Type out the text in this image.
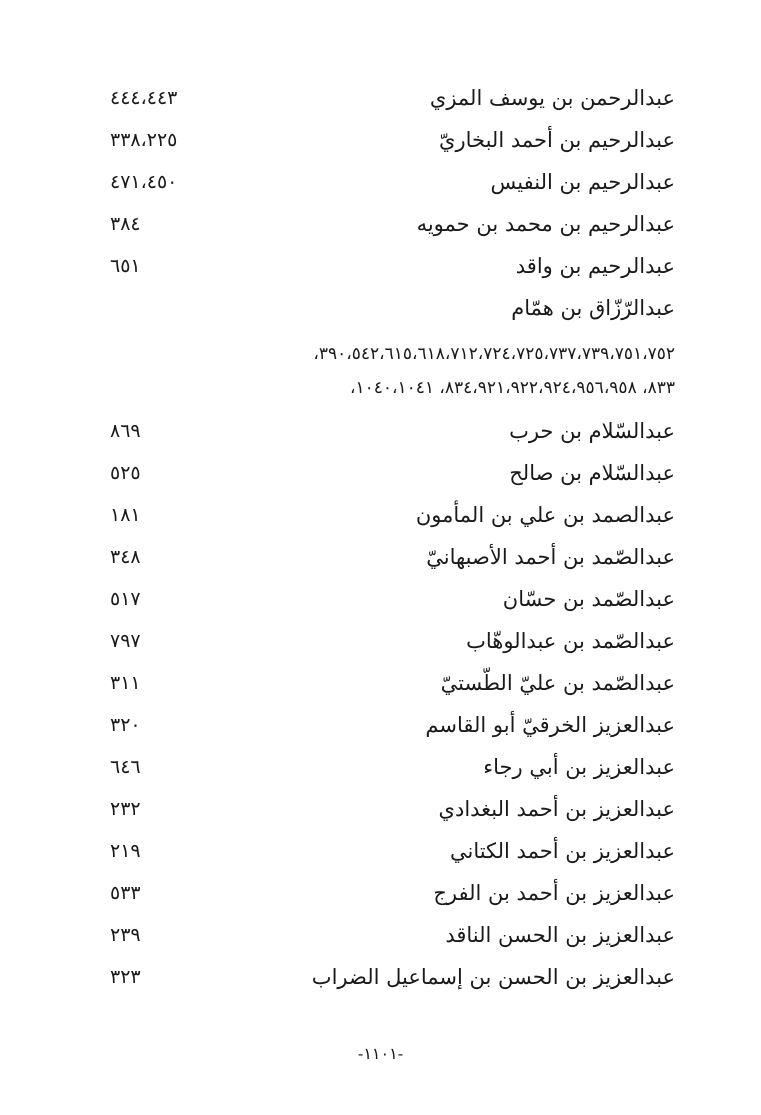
عبدالرحمن بن يوسف المزي
٤٤٤،٤٤٣
عبدالرحيم بن أحمد البخاريّ
٣٣٨،٢٢٥
عبدالرحيم بن النفيس
٤٧١،٤٥٠
عبدالرحيم بن محمد بن حمويه
٣٨٤
عبدالرحيم بن واقد
٦٥١
عبدالرّزّاق بن همّام
٣٩٠،٥٤٢،٦١٥،٦١٨،٧١٢،٧٢٤،٧٢٥،٧٣٧،٧٣٩،٧٥١،٧٥٢،
٨٣٣، ٨٣٤،٩٢١،٩٢٢،٩٢٤،٩٥٦،٩٥٨، ١٠٤٠،١٠٤١،
عبدالسّلام بن حرب
٨٦٩
عبدالسّلام بن صالح
٥٢٥
عبدالصمد بن علي بن المأمون
١٨١
عبدالصّمد بن أحمد الأصبهانيّ
٣٤٨
عبدالصّمد بن حسّان
٥١٧
عبدالصّمد بن عبدالوهّاب
٧٩٧
عبدالصّمد بن عليّ الطّستيّ
٣١١
عبدالعزيز الخرقيّ أبو القاسم
٣٢٠
عبدالعزيز بن أبي رجاء
٦٤٦
عبدالعزيز بن أحمد البغدادي
٢٣٢
عبدالعزيز بن أحمد الكتاني
٢١٩
عبدالعزيز بن أحمد بن الفرج
٥٣٣
عبدالعزيز بن الحسن الناقد
٢٣٩
عبدالعزيز بن الحسن بن إسماعيل الضراب
٣٢٣
-١١٠١-
